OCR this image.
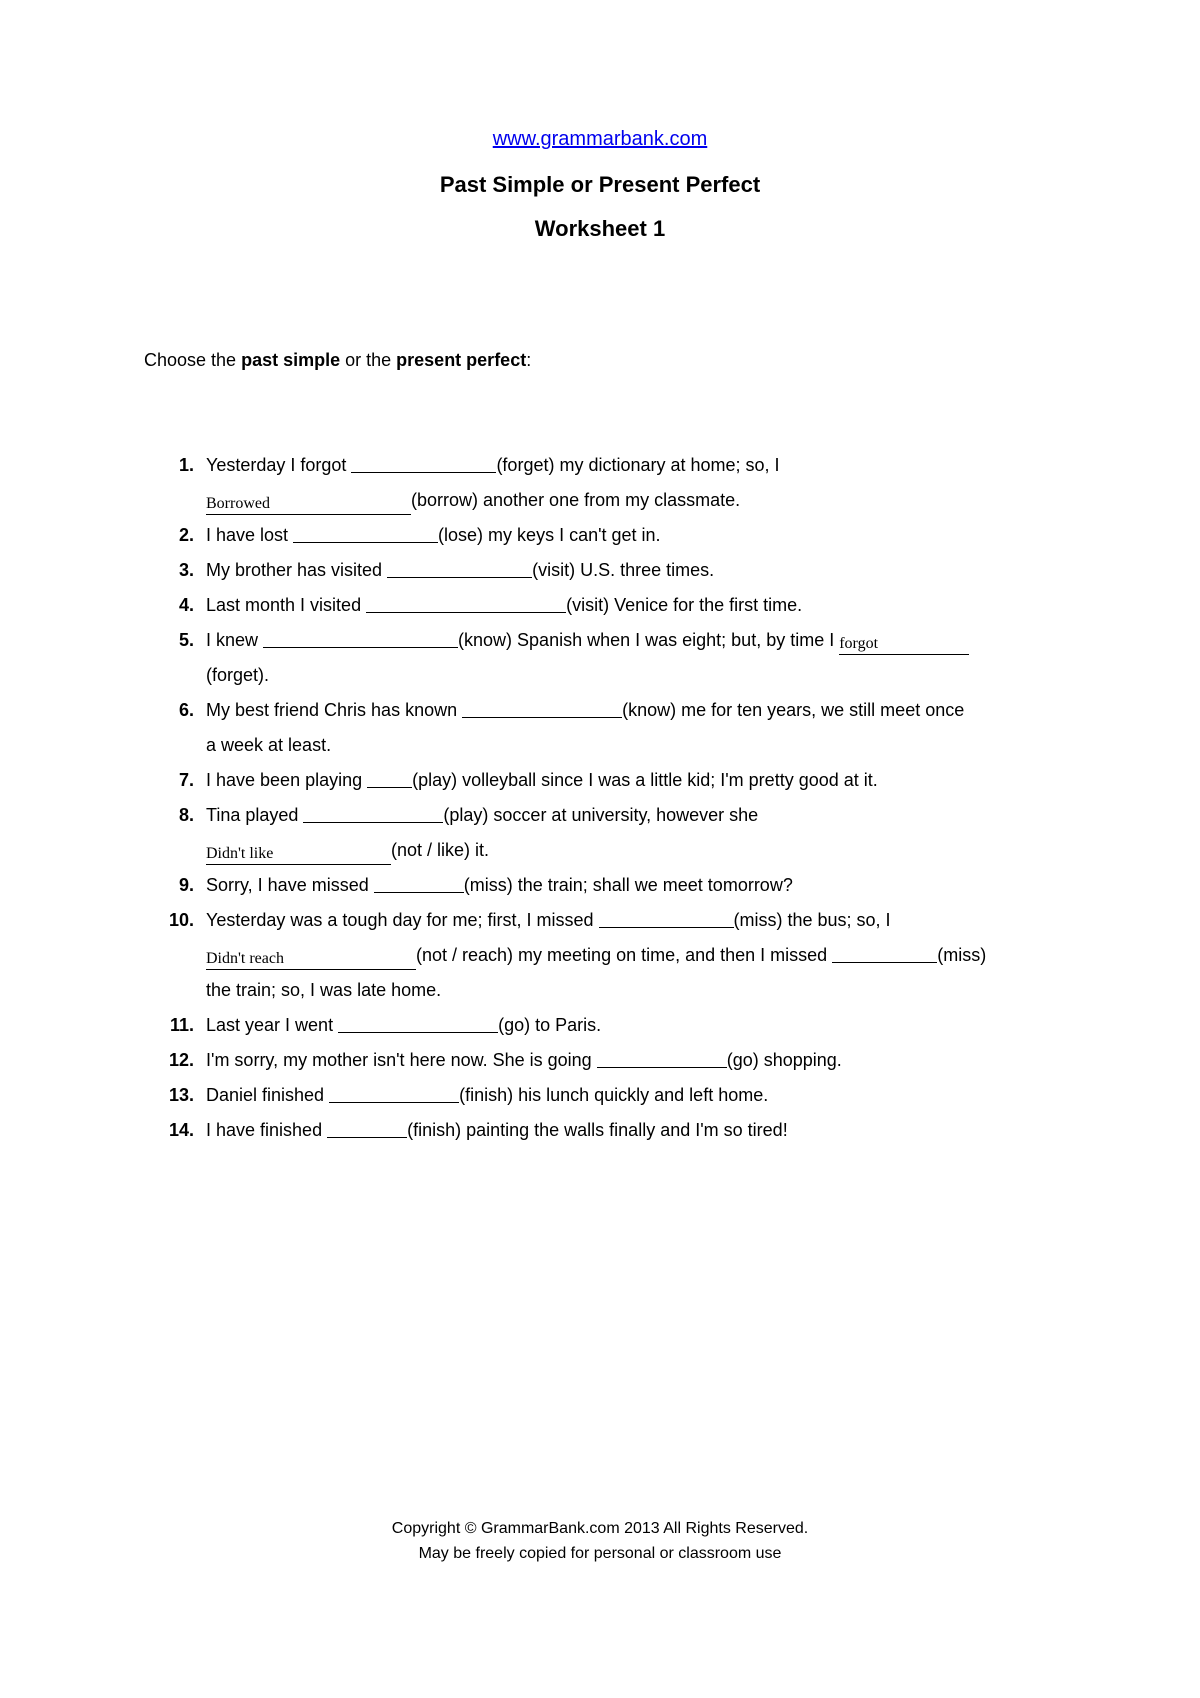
www.grammarbank.com
Past Simple or Present Perfect
Worksheet 1
Choose the past simple or the present perfect:
1. Yesterday I forgot	(forget) my dictionary at home; so, I
Borrowed	(borrow) another one from my classmate.
2. I have lost	(lose) my keys I can't get in.
3. My brother has visited	(visit) U.S. three times.
4. Last month I visited	(visit) Venice for the first time.
5. I knew	(know) Spanish when I was eight; but, by time I forgot
(forget).
6. My best friend Chris has known	(know) me for ten years, we still meet once
a week at least.
7. I have been playing	(play) volleyball since I was a little kid; I'm pretty good at it.
8. Tina played	(play) soccer at university, however she
Didn't like	(not / like) it.
9. Sorry, I have missed	(miss) the train; shall we meet tomorrow?
10. Yesterday was a tough day for me; first, I missed	(miss) the bus; so, I
Didn't reach	(not / reach) my meeting on time, and then I missed	(miss)
the train; so, I was late home.
11. Last year I went	(go) to Paris.
12. I'm sorry, my mother isn't here now. She is going	(go) shopping.
13. Daniel finished	(finish) his lunch quickly and left home.
14. I have finished	(finish) painting the walls finally and I'm so tired!
Copyright © GrammarBank.com 2013 All Rights Reserved.
May be freely copied for personal or classroom use
